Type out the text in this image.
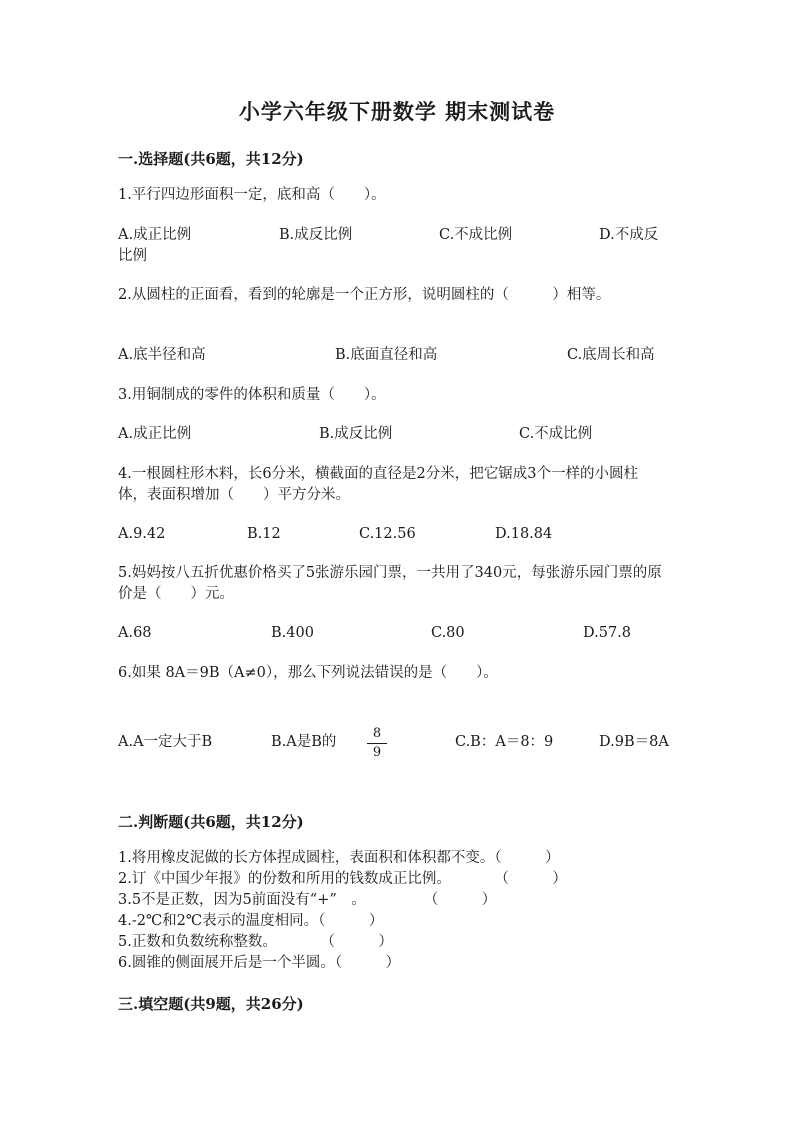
小学六年级下册数学 期末测试卷
一.选择题(共6题，共12分)
1.平行四边形面积一定，底和高（　　）。
A.成正比例	B.成反比例	C.不成比例	D.不成反比例
2.从圆柱的正面看，看到的轮廓是一个正方形，说明圆柱的（　　　）相等。
A.底半径和高	B.底面直径和高	C.底周长和高
3.用铜制成的零件的体积和质量（　　）。
A.成正比例	B.成反比例	C.不成比例
4.一根圆柱形木料，长6分米，横截面的直径是2分米，把它锯成3个一样的小圆柱体，表面积增加（　　）平方分米。
A.9.42	B.12	C.12.56	D.18.84
5.妈妈按八五折优惠价格买了5张游乐园门票，一共用了340元，每张游乐园门票的原价是（　　）元。
A.68	B.400	C.80	D.57.8
6.如果 8A＝9B（A≠0），那么下列说法错误的是（　　）。
A.A一定大于B	B.A是B的 $\frac{8}{9}$	C.B：A＝8：9	D.9B＝8A
二.判断题(共6题，共12分)
1.将用橡皮泥做的长方体捏成圆柱，表面积和体积都不变。（　　　）
2.订《中国少年报》的份数和所用的钱数成正比例。　　　　（　　　）
3.5不是正数，因为5前面没有“+”　。　　　　　（　　　）
4.-2℃和2℃表示的温度相同。（　　　）
5.正数和负数统称整数。　　　　（　　　）
6.圆锥的侧面展开后是一个半圆。（　　　）
三.填空题(共9题，共26分)
